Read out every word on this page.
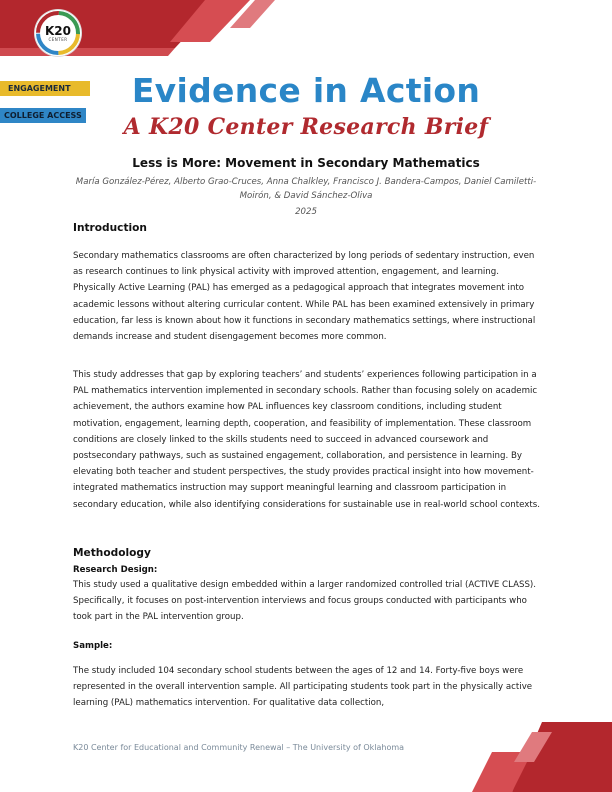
K20
CENTER
ENGAGEMENT
COLLEGE ACCESS
Evidence in Action
A K20 Center Research Brief
Less is More: Movement in Secondary Mathematics
María González-Pérez, Alberto Grao-Cruces, Anna Chalkley, Francisco J. Bandera-Campos, Daniel Camiletti-Moirón, & David Sánchez-Oliva
2025
Introduction
Secondary mathematics classrooms are often characterized by long periods of sedentary instruction, even as research continues to link physical activity with improved attention, engagement, and learning. Physically Active Learning (PAL) has emerged as a pedagogical approach that integrates movement into academic lessons without altering curricular content. While PAL has been examined extensively in primary education, far less is known about how it functions in secondary mathematics settings, where instructional demands increase and student disengagement becomes more common.
This study addresses that gap by exploring teachers’ and students’ experiences following participation in a PAL mathematics intervention implemented in secondary schools. Rather than focusing solely on academic achievement, the authors examine how PAL influences key classroom conditions, including student motivation, engagement, learning depth, cooperation, and feasibility of implementation. These classroom conditions are closely linked to the skills students need to succeed in advanced coursework and postsecondary pathways, such as sustained engagement, collaboration, and persistence in learning. By elevating both teacher and student perspectives, the study provides practical insight into how movement-integrated mathematics instruction may support meaningful learning and classroom participation in secondary education, while also identifying considerations for sustainable use in real-world school contexts.
Methodology
Research Design:
This study used a qualitative design embedded within a larger randomized controlled trial (ACTIVE CLASS). Specifically, it focuses on post-intervention interviews and focus groups conducted with participants who took part in the PAL intervention group.
Sample:
The study included 104 secondary school students between the ages of 12 and 14. Forty-five boys were represented in the overall intervention sample. All participating students took part in the physically active learning (PAL) mathematics intervention. For qualitative data collection,
K20 Center for Educational and Community Renewal – The University of Oklahoma
